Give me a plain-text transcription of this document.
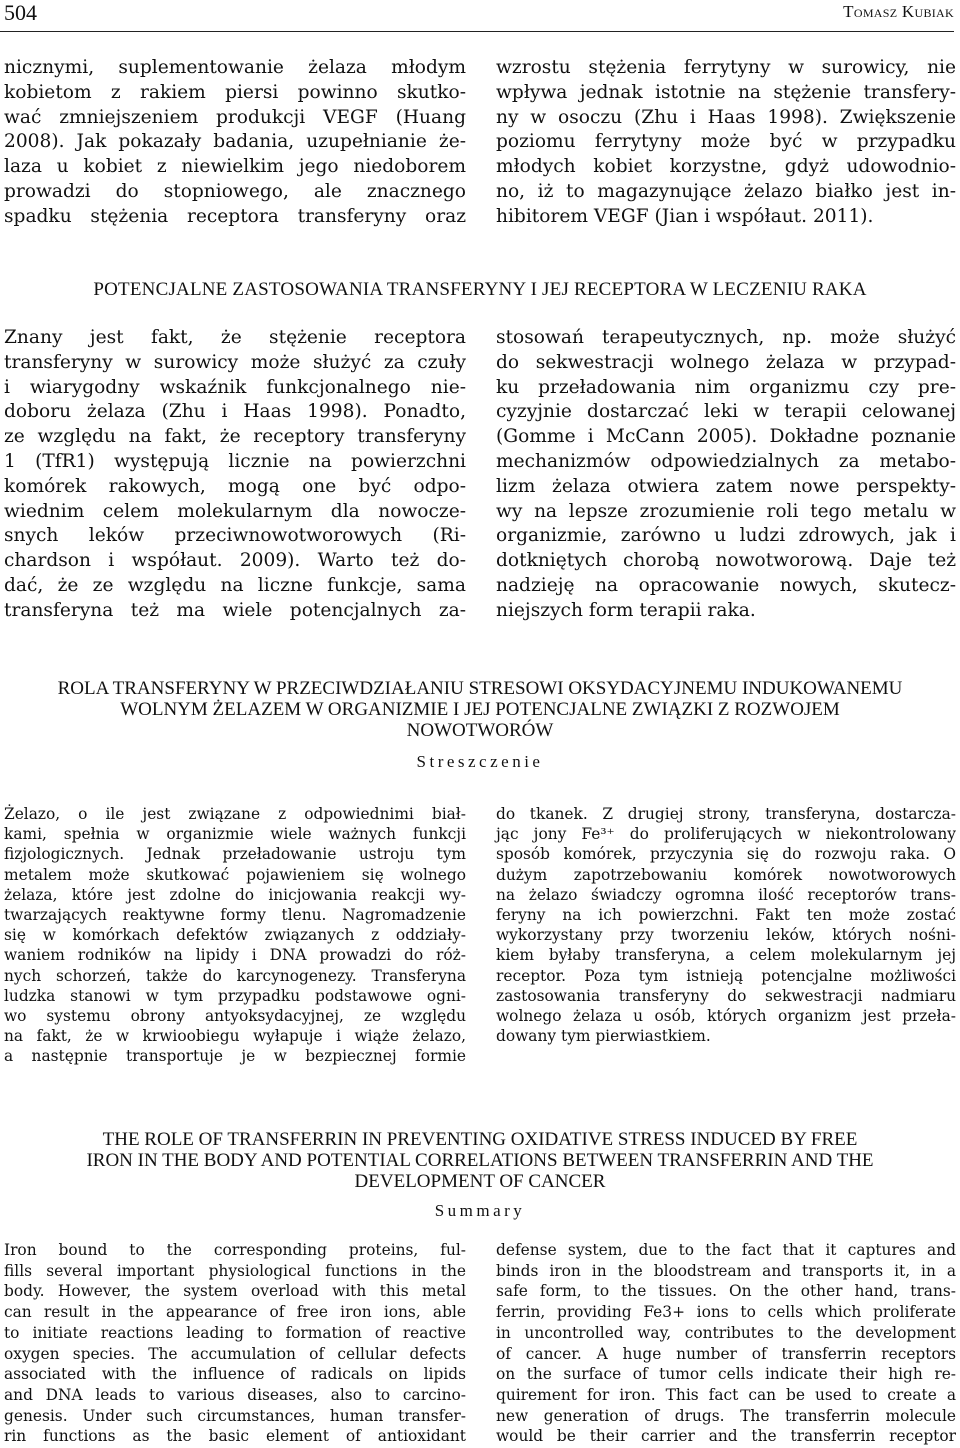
504	Tomasz Kubiak
nicznymi, suplementowanie żelaza młodym
kobietom z rakiem piersi powinno skutko-
wać zmniejszeniem produkcji VEGF (Huang
2008). Jak pokazały badania, uzupełnianie że-
laza u kobiet z niewielkim jego niedoborem
prowadzi do stopniowego, ale znacznego
spadku stężenia receptora transferyny oraz
wzrostu stężenia ferrytyny w surowicy, nie
wpływa jednak istotnie na stężenie transfery-
ny w osoczu (Zhu i Haas 1998). Zwiększenie
poziomu ferrytyny może być w przypadku
młodych kobiet korzystne, gdyż udowodnio-
no, iż to magazynujące żelazo białko jest in-
hibitorem VEGF (Jian i współaut. 2011).
POTENCJALNE ZASTOSOWANIA TRANSFERYNY I JEJ RECEPTORA W LECZENIU RAKA
Znany jest fakt, że stężenie receptora
transferyny w surowicy może służyć za czuły
i wiarygodny wskaźnik funkcjonalnego nie-
doboru żelaza (Zhu i Haas 1998). Ponadto,
ze względu na fakt, że receptory transferyny
1 (TfR1) występują licznie na powierzchni
komórek rakowych, mogą one być odpo-
wiednim celem molekularnym dla nowocze-
snych leków przeciwnowotworowych (Ri-
chardson i współaut. 2009). Warto też do-
dać, że ze względu na liczne funkcje, sama
transferyna też ma wiele potencjalnych za-
stosowań terapeutycznych, np. może służyć
do sekwestracji wolnego żelaza w przypad-
ku przeładowania nim organizmu czy pre-
cyzyjnie dostarczać leki w terapii celowanej
(Gomme i McCann 2005). Dokładne poznanie
mechanizmów odpowiedzialnych za metabo-
lizm żelaza otwiera zatem nowe perspekty-
wy na lepsze zrozumienie roli tego metalu w
organizmie, zarówno u ludzi zdrowych, jak i
dotkniętych chorobą nowotworową. Daje też
nadzieję na opracowanie nowych, skutecz-
niejszych form terapii raka.
ROLA TRANSFERYNY W PRZECIWDZIAŁANIU STRESOWI OKSYDACYJNEMU INDUKOWANEMU
WOLNYM ŻELAZEM W ORGANIZMIE I JEJ POTENCJALNE ZWIĄZKI Z ROZWOJEM
NOWOTWORÓW
Streszczenie
Żelazo, o ile jest związane z odpowiednimi biał-
kami, spełnia w organizmie wiele ważnych funkcji
fizjologicznych. Jednak przeładowanie ustroju tym
metalem może skutkować pojawieniem się wolnego
żelaza, które jest zdolne do inicjowania reakcji wy-
twarzających reaktywne formy tlenu. Nagromadzenie
się w komórkach defektów związanych z oddziały-
waniem rodników na lipidy i DNA prowadzi do róż-
nych schorzeń, także do karcynogenezy. Transferyna
ludzka stanowi w tym przypadku podstawowe ogni-
wo systemu obrony antyoksydacyjnej, ze względu
na fakt, że w krwioobiegu wyłapuje i wiąże żelazo,
a następnie transportuje je w bezpiecznej formie
do tkanek. Z drugiej strony, transferyna, dostarcza-
jąc jony Fe³⁺ do proliferujących w niekontrolowany
sposób komórek, przyczynia się do rozwoju raka. O
dużym zapotrzebowaniu komórek nowotworowych
na żelazo świadczy ogromna ilość receptorów trans-
feryny na ich powierzchni. Fakt ten może zostać
wykorzystany przy tworzeniu leków, których nośni-
kiem byłaby transferyna, a celem molekularnym jej
receptor. Poza tym istnieją potencjalne możliwości
zastosowania transferyny do sekwestracji nadmiaru
wolnego żelaza u osób, których organizm jest przeła-
dowany tym pierwiastkiem.
THE ROLE OF TRANSFERRIN IN PREVENTING OXIDATIVE STRESS INDUCED BY FREE
IRON IN THE BODY AND POTENTIAL CORRELATIONS BETWEEN TRANSFERRIN AND THE
DEVELOPMENT OF CANCER
Summary
Iron bound to the corresponding proteins, ful-
fills several important physiological functions in the
body. However, the system overload with this metal
can result in the appearance of free iron ions, able
to initiate reactions leading to formation of reactive
oxygen species. The accumulation of cellular defects
associated with the influence of radicals on lipids
and DNA leads to various diseases, also to carcino-
genesis. Under such circumstances, human transfer-
rin functions as the basic element of antioxidant
defense system, due to the fact that it captures and
binds iron in the bloodstream and transports it, in a
safe form, to the tissues. On the other hand, trans-
ferrin, providing Fe3+ ions to cells which proliferate
in uncontrolled way, contributes to the development
of cancer. A huge number of transferrin receptors
on the surface of tumor cells indicate their high re-
quirement for iron. This fact can be used to create a
new generation of drugs. The transferrin molecule
would be their carrier and the transferrin receptor
